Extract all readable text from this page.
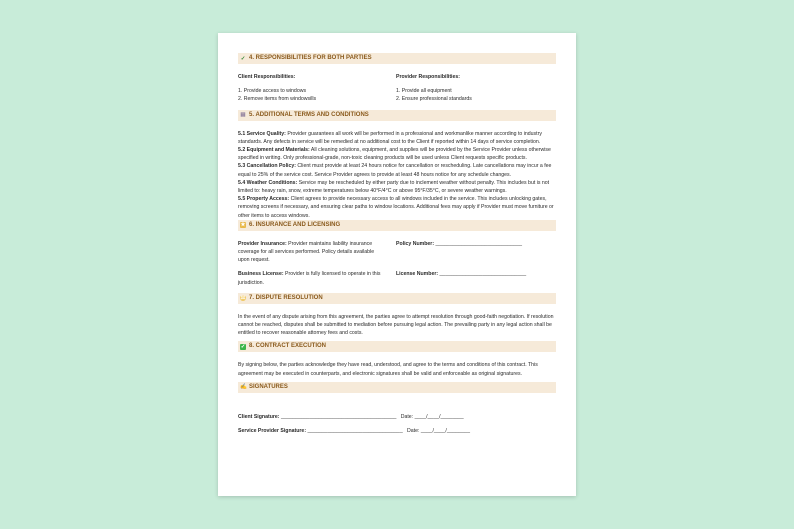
✓ 4. RESPONSIBILITIES FOR BOTH PARTIES

Client Responsibilities:

1. Provide access to windows

2. Remove items from windowsills

Provider Responsibilities:

1. Provide all equipment

2. Ensure professional standards

▤ 5. ADDITIONAL TERMS AND CONDITIONS

5.1 Service Quality: Provider guarantees all work will be performed in a professional and workmanlike manner according to industry standards. Any defects in service will be remedied at no additional cost to the Client if reported within 14 days of service completion.

5.2 Equipment and Materials: All cleaning solutions, equipment, and supplies will be provided by the Service Provider unless otherwise specified in writing. Only professional-grade, non-toxic cleaning products will be used unless Client requests specific products.

5.3 Cancellation Policy: Client must provide at least 24 hours notice for cancellation or rescheduling. Late cancellations may incur a fee equal to 25% of the service cost. Service Provider agrees to provide at least 48 hours notice for any schedule changes.

5.4 Weather Conditions: Service may be rescheduled by either party due to inclement weather without penalty. This includes but is not limited to: heavy rain, snow, extreme temperatures below 40°F/4°C or above 95°F/35°C, or severe weather warnings.

5.5 Property Access: Client agrees to provide necessary access to all windows included in the service. This includes unlocking gates, removing screens if necessary, and ensuring clear paths to window locations. Additional fees may apply if Provider must move furniture or other items to access windows.

★ 6. INSURANCE AND LICENSING

Provider Insurance: Provider maintains liability insurance coverage for all services performed. Policy details available upon request.

Policy Number: ______________________________

Business License: Provider is fully licensed to operate in this jurisdiction.

License Number: ______________________________

⚖ 7. DISPUTE RESOLUTION

In the event of any dispute arising from this agreement, the parties agree to attempt resolution through good-faith negotiation. If resolution cannot be reached, disputes shall be submitted to mediation before pursuing legal action. The prevailing party in any legal action shall be entitled to recover reasonable attorney fees and costs.

✓ 8. CONTRACT EXECUTION

By signing below, the parties acknowledge they have read, understood, and agree to the terms and conditions of this contract. This agreement may be executed in counterparts, and electronic signatures shall be valid and enforceable as original signatures.

✍ SIGNATURES

Client Signature: ________________________________________ Date: ____/____/________

Service Provider Signature: _________________________________ Date: ____/____/________
